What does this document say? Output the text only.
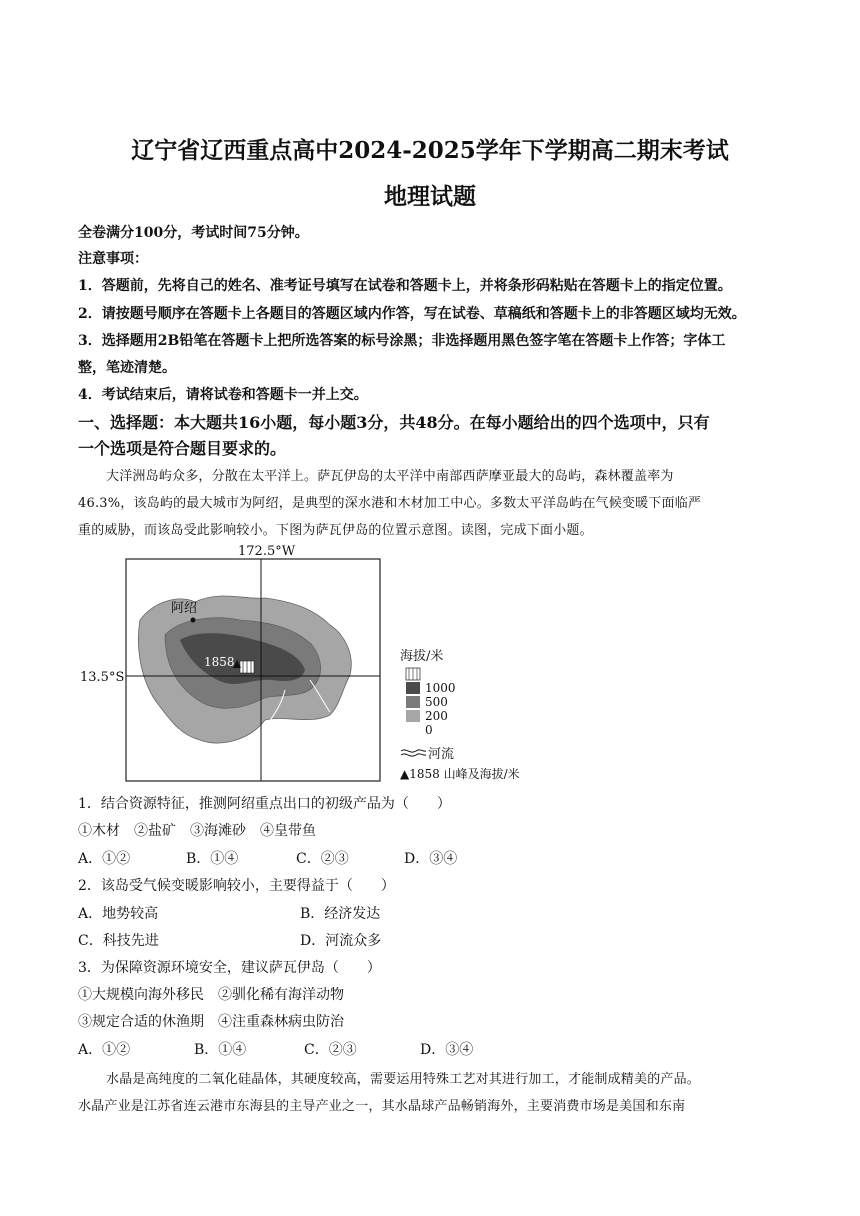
辽宁省辽西重点高中2024-2025学年下学期高二期末考试
地理试题
全卷满分100分，考试时间75分钟。
注意事项：
1．答题前，先将自己的姓名、准考证号填写在试卷和答题卡上，并将条形码粘贴在答题卡上的指定位置。
2．请按题号顺序在答题卡上各题目的答题区域内作答，写在试卷、草稿纸和答题卡上的非答题区域均无效。
3．选择题用2B铅笔在答题卡上把所选答案的标号涂黑；非选择题用黑色签字笔在答题卡上作答；字体工
整，笔迹清楚。
4．考试结束后，请将试卷和答题卡一并上交。
一、选择题：本大题共16小题，每小题3分，共48分。在每小题给出的四个选项中，只有
一个选项是符合题目要求的。
大洋洲岛屿众多，分散在太平洋上。萨瓦伊岛的太平洋中南部西萨摩亚最大的岛屿，森林覆盖率为
46.3%，该岛屿的最大城市为阿绍，是典型的深水港和木材加工中心。多数太平洋岛屿在气候变暖下面临严
重的威胁，而该岛受此影响较小。下图为萨瓦伊岛的位置示意图。读图，完成下面小题。
阿绍
1858
172.5°W
13.5°S
海拔/米
1000
500
200
0
河流
▲1858 山峰及海拔/米
1．结合资源特征，推测阿绍重点出口的初级产品为（　　）
①木材　②盐矿　③海滩砂　④皇带鱼
A．①②	B．①④	C．②③	D．③④
2．该岛受气候变暖影响较小，主要得益于（　　）
A．地势较高	B．经济发达
C．科技先进	D．河流众多
3．为保障资源环境安全，建议萨瓦伊岛（　　）
①大规模向海外移民　②驯化稀有海洋动物
③规定合适的休渔期　④注重森林病虫防治
A．①②	B．①④	C．②③	D．③④
水晶是高纯度的二氧化硅晶体，其硬度较高，需要运用特殊工艺对其进行加工，才能制成精美的产品。
水晶产业是江苏省连云港市东海县的主导产业之一，其水晶球产品畅销海外，主要消费市场是美国和东南
